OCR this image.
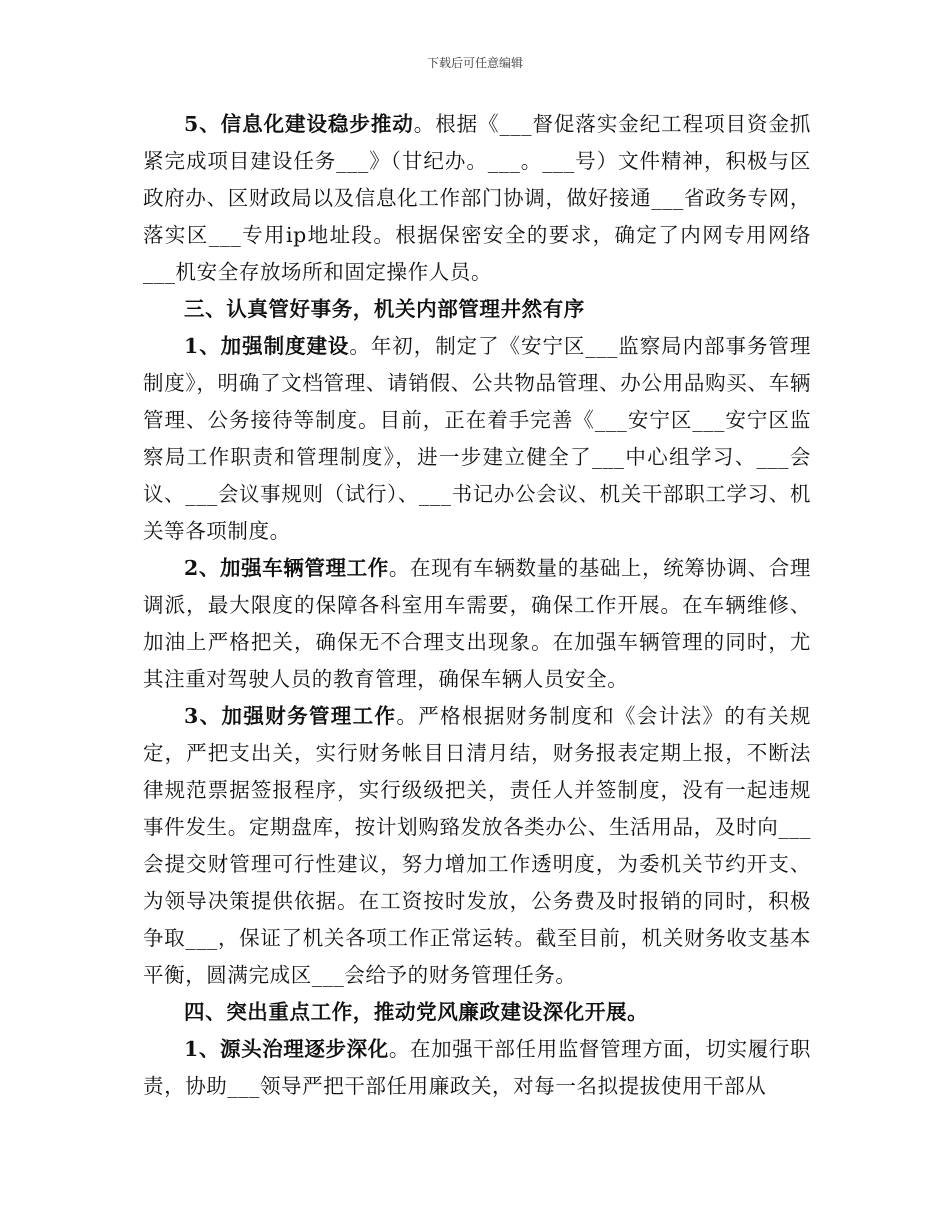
下载后可任意编辑

5、信息化建设稳步推动。根据《___督促落实金纪工程项目资金抓紧完成项目建设任务___》（甘纪办。___。___号）文件精神，积极与区政府办、区财政局以及信息化工作部门协调，做好接通___省政务专网，落实区___专用ip地址段。根据保密安全的要求，确定了内网专用网络___机安全存放场所和固定操作人员。

三、认真管好事务，机关内部管理井然有序

1、加强制度建设。年初，制定了《安宁区___监察局内部事务管理制度》，明确了文档管理、请销假、公共物品管理、办公用品购买、车辆管理、公务接待等制度。目前，正在着手完善《___安宁区___安宁区监察局工作职责和管理制度》，进一步建立健全了___中心组学习、___会议、___会议事规则（试行）、___书记办公会议、机关干部职工学习、机关等各项制度。

2、加强车辆管理工作。在现有车辆数量的基础上，统筹协调、合理调派，最大限度的保障各科室用车需要，确保工作开展。在车辆维修、加油上严格把关，确保无不合理支出现象。在加强车辆管理的同时，尤其注重对驾驶人员的教育管理，确保车辆人员安全。

3、加强财务管理工作。严格根据财务制度和《会计法》的有关规定，严把支出关，实行财务帐目日清月结，财务报表定期上报，不断法律规范票据签报程序，实行级级把关，责任人并签制度，没有一起违规事件发生。定期盘库，按计划购臵发放各类办公、生活用品，及时向___会提交财管理可行性建议，努力增加工作透明度，为委机关节约开支、为领导决策提供依据。在工资按时发放，公务费及时报销的同时，积极争取___，保证了机关各项工作正常运转。截至目前，机关财务收支基本平衡，圆满完成区___会给予的财务管理任务。

四、突出重点工作，推动党风廉政建设深化开展。

1、源头治理逐步深化。在加强干部任用监督管理方面，切实履行职责，协助___领导严把干部任用廉政关，对每一名拟提拔使用干部从
